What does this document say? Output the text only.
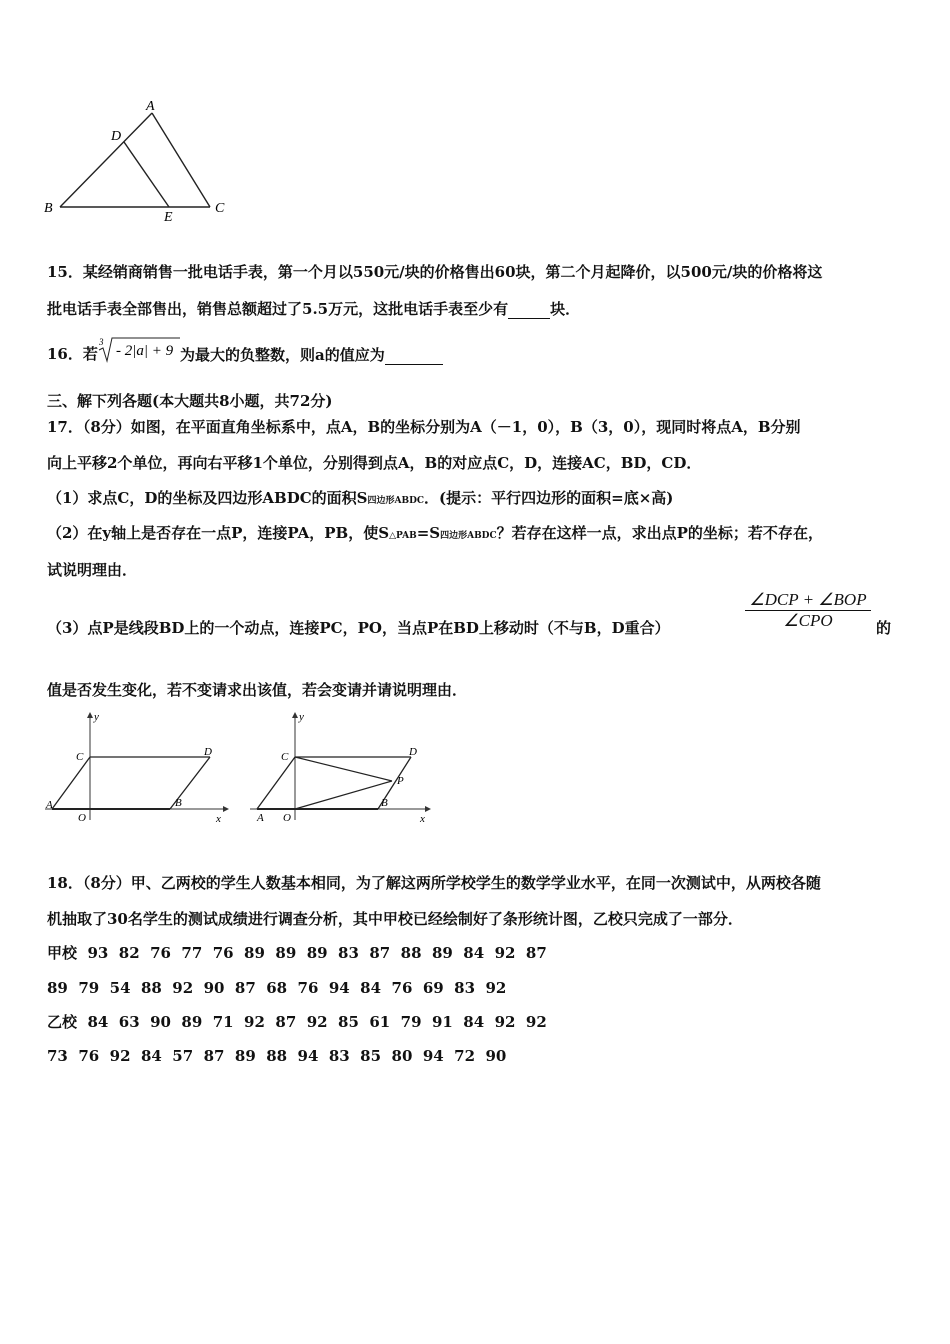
A
D
B
E
C
15．某经销商销售一批电话手表，第一个月以550元/块的价格售出60块，第二个月起降价，以500元/块的价格将这
批电话手表全部售出，销售总额超过了5.5万元，这批电话手表至少有	块．
16．若
3
- 2|a| + 9 为最大的负整数，则a的值应为
三、解下列各题(本大题共8小题，共72分)
17．（8分）如图，在平面直角坐标系中，点A，B的坐标分别为A（－1，0），B（3，0），现同时将点A，B分别
向上平移2个单位，再向右平移1个单位，分别得到点A，B的对应点C，D，连接AC，BD，CD．
（1）求点C，D的坐标及四边形ABDC的面积S四边形ABDC．(提示：平行四边形的面积=底×高)
（2）在y轴上是否存在一点P，连接PA，PB，使S△PAB=S四边形ABDC？若存在这样一点，求出点P的坐标；若不存在，
试说明理由．
（3）点P是线段BD上的一个动点，连接PC，PO，当点P在BD上移动时（不与B，D重合）
∠DCP + ∠BOP
∠CPO	的
值是否发生变化，若不变请求出该值，若会变请并请说明理由．
y
x
C	D
A
O
B
y
x
C	D
P
A O
B
18．（8分）甲、乙两校的学生人数基本相同，为了解这两所学校学生的数学学业水平，在同一次测试中，从两校各随
机抽取了30名学生的测试成绩进行调查分析，其中甲校已经绘制好了条形统计图，乙校只完成了一部分．
甲校 93  82  76  77  76  89  89  89  83  87  88  89  84  92  87
89  79  54  88  92  90  87  68  76  94  84  76  69  83  92
乙校 84  63  90  89  71  92  87  92  85  61  79  91  84  92  92
73  76  92  84  57  87  89  88  94  83  85  80  94  72  90
